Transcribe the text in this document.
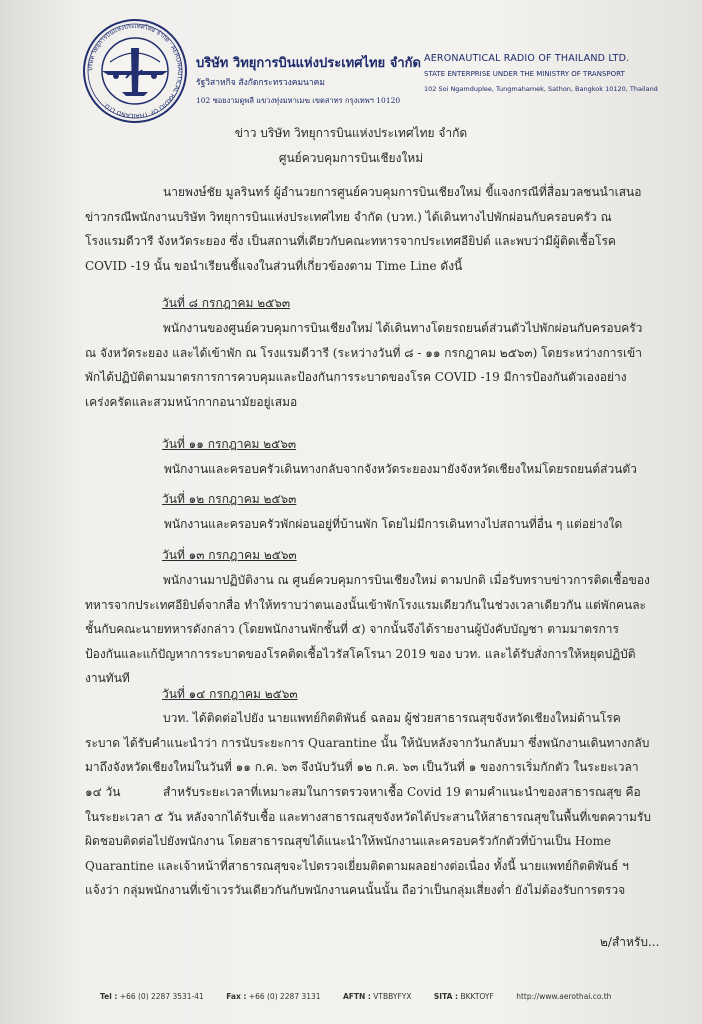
บริษัท วิทยุการบินแห่งประเทศไทย จำกัด · AERONAUTICAL RADIO OF THAILAND LTD.
บริษัท วิทยุการบินแห่งประเทศไทย จำกัด
รัฐวิสาหกิจ สังกัดกระทรวงคมนาคม
102 ซอยงามดูพลี แขวงทุ่งมหาเมฆ เขตสาทร กรุงเทพฯ 10120
AERONAUTICAL RADIO OF THAILAND LTD.
STATE ENTERPRISE UNDER THE MINISTRY OF TRANSPORT
102 Soi Ngamduplee, Tungmahamek, Sathon, Bangkok 10120, Thailand
ข่าว บริษัท วิทยุการบินแห่งประเทศไทย จำกัด
ศูนย์ควบคุมการบินเชียงใหม่
นายพงษ์ชัย มูลรินทร์ ผู้อำนวยการศูนย์ควบคุมการบินเชียงใหม่ ขี้แจงกรณีที่สื่อมวลชนนำเสนอข่าวกรณีพนักงานบริษัท วิทยุการบินแห่งประเทศไทย จำกัด (บวท.) ได้เดินทางไปพักผ่อนกับครอบครัว ณ โรงแรมดีวารี จังหวัดระยอง ซึ่ง เป็นสถานที่เดียวกับคณะทหารจากประเทศอียิปต์ และพบว่ามีผู้ติดเชื้อโรค COVID -19 นั้น ขอนำเรียนชี้แจงในส่วนที่เกี่ยวข้องตาม Time Line ดังนี้
วันที่ ๘ กรกฎาคม ๒๕๖๓
พนักงานของศูนย์ควบคุมการบินเชียงใหม่ ได้เดินทางโดยรถยนต์ส่วนตัวไปพักผ่อนกับครอบครัว ณ จังหวัดระยอง และได้เข้าพัก ณ โรงแรมดีวารี (ระหว่างวันที่ ๘ - ๑๑ กรกฎาคม ๒๕๖๓) โดยระหว่างการเข้าพักได้ปฏิบัติตามมาตรการการควบคุมและป้องกันการระบาดของโรค COVID -19 มีการป้องกันตัวเองอย่างเคร่งครัดและสวมหน้ากากอนามัยอยู่เสมอ
วันที่ ๑๑ กรกฎาคม ๒๕๖๓
พนักงานและครอบครัวเดินทางกลับจากจังหวัดระยองมายังจังหวัดเชียงใหม่โดยรถยนต์ส่วนตัว
วันที่ ๑๒ กรกฎาคม ๒๕๖๓
พนักงานและครอบครัวพักผ่อนอยู่ที่บ้านพัก โดยไม่มีการเดินทางไปสถานที่อื่น ๆ แต่อย่างใด
วันที่ ๑๓ กรกฎาคม ๒๕๖๓
พนักงานมาปฏิบัติงาน ณ ศูนย์ควบคุมการบินเชียงใหม่ ตามปกติ เมื่อรับทราบข่าวการติดเชื้อของทหารจากประเทศอียิปต์จากสื่อ ทำให้ทราบว่าตนเองนั้นเข้าพักโรงแรมเดียวกันในช่วงเวลาเดียวกัน แต่พักคนละชั้นกับคณะนายทหารดังกล่าว (โดยพนักงานพักชั้นที่ ๕) จากนั้นจึงได้รายงานผู้บังคับบัญชา ตามมาตรการป้องกันและแก้ปัญหาการระบาดของโรคติดเชื้อไวรัสโคโรนา 2019 ของ บวท. และได้รับสั่งการให้หยุดปฏิบัติงานทันที
วันที่ ๑๔ กรกฎาคม ๒๕๖๓
บวท. ได้ติดต่อไปยัง นายแพทย์กิตติพันธ์ ฉลอม ผู้ช่วยสาธารณสุขจังหวัดเชียงใหม่ด้านโรคระบาด ได้รับคำแนะนำว่า การนับระยะการ Quarantine นั้น ให้นับหลังจากวันกลับมา ซึ่งพนักงานเดินทางกลับมาถึงจังหวัดเชียงใหม่ในวันที่ ๑๑ ก.ค. ๖๓ จึงนับวันที่ ๑๒ ก.ค. ๖๓ เป็นวันที่ ๑ ของการเริ่มกักตัว ในระยะเวลา ๑๔ วัน	สำหรับระยะเวลาที่เหมาะสมในการตรวจหาเชื้อ Covid 19 ตามคำแนะนำของสาธารณสุข คือในระยะเวลา ๕ วัน หลังจากได้รับเชื้อ และทางสาธารณสุขจังหวัดได้ประสานให้สาธารณสุขในพื้นที่เขตความรับผิดชอบติดต่อไปยังพนักงาน โดยสาธารณสุขได้แนะนำให้พนักงานและครอบครัวกักตัวที่บ้านเป็น Home Quarantine และเจ้าหน้าที่สาธารณสุขจะไปตรวจเยี่ยมติดตามผลอย่างต่อเนื่อง ทั้งนี้ นายแพทย์กิตติพันธ์ ฯ แจ้งว่า กลุ่มพนักงานที่เข้าเวรวันเดียวกันกับพนักงานคนนั้นนั้น ถือว่าเป็นกลุ่มเสี่ยงต่ำ ยังไม่ต้องรับการตรวจ
๒/สำหรับ...
Tel : +66 (0) 2287 3531-41	Fax : +66 (0) 2287 3131	AFTN : VTBBYFYX	SITA : BKKTOYF	http://www.aerothai.co.th
